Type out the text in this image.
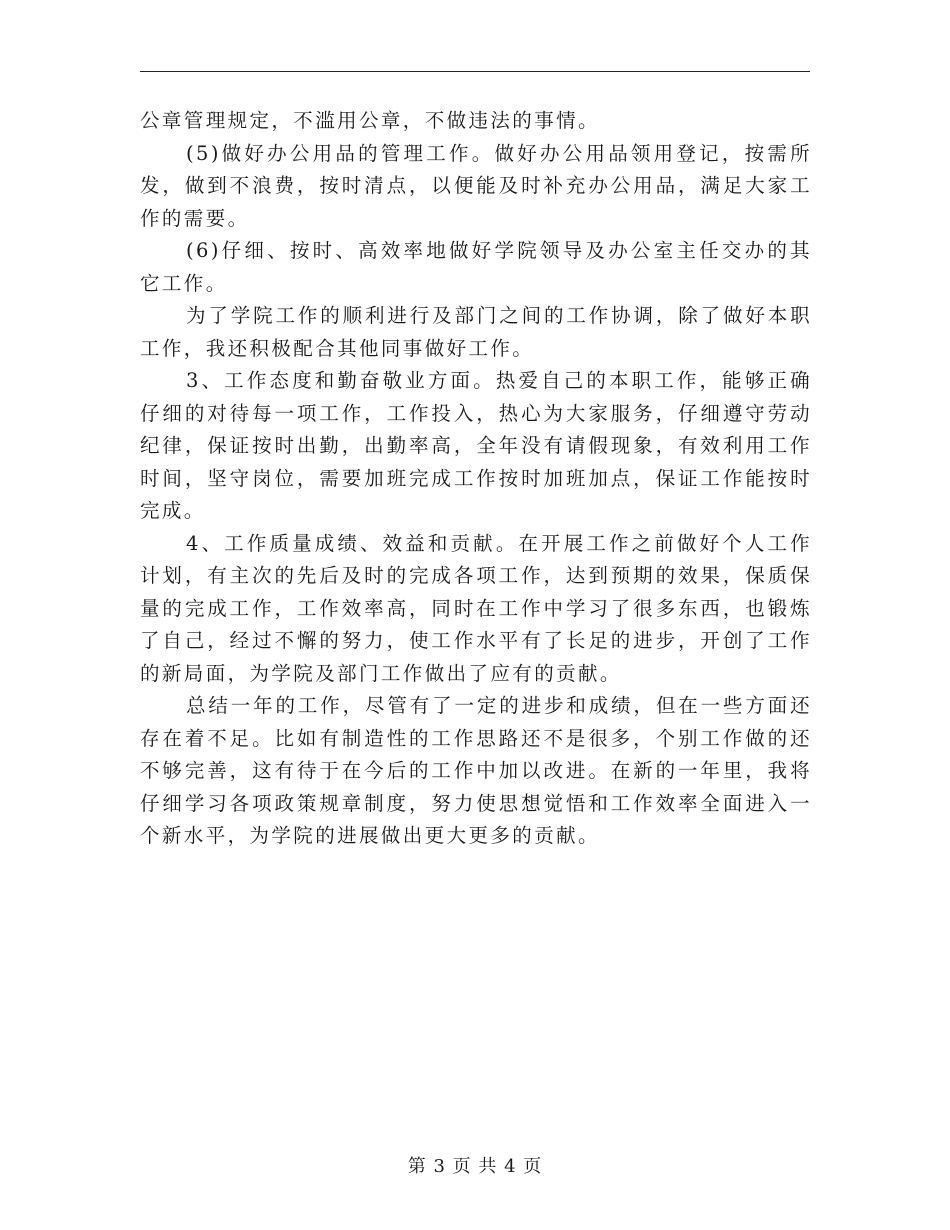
公章管理规定，不滥用公章，不做违法的事情。

(5)做好办公用品的管理工作。做好办公用品领用登记，按需所发，做到不浪费，按时清点，以便能及时补充办公用品，满足大家工作的需要。

(6)仔细、按时、高效率地做好学院领导及办公室主任交办的其它工作。

为了学院工作的顺利进行及部门之间的工作协调，除了做好本职工作，我还积极配合其他同事做好工作。

3、工作态度和勤奋敬业方面。热爱自己的本职工作，能够正确仔细的对待每一项工作，工作投入，热心为大家服务，仔细遵守劳动纪律，保证按时出勤，出勤率高，全年没有请假现象，有效利用工作时间，坚守岗位，需要加班完成工作按时加班加点，保证工作能按时完成。

4、工作质量成绩、效益和贡献。在开展工作之前做好个人工作计划，有主次的先后及时的完成各项工作，达到预期的效果，保质保量的完成工作，工作效率高，同时在工作中学习了很多东西，也锻炼了自己，经过不懈的努力，使工作水平有了长足的进步，开创了工作的新局面，为学院及部门工作做出了应有的贡献。

总结一年的工作，尽管有了一定的进步和成绩，但在一些方面还存在着不足。比如有制造性的工作思路还不是很多，个别工作做的还不够完善，这有待于在今后的工作中加以改进。在新的一年里，我将仔细学习各项政策规章制度，努力使思想觉悟和工作效率全面进入一个新水平，为学院的进展做出更大更多的贡献。

第 3 页 共 4 页
